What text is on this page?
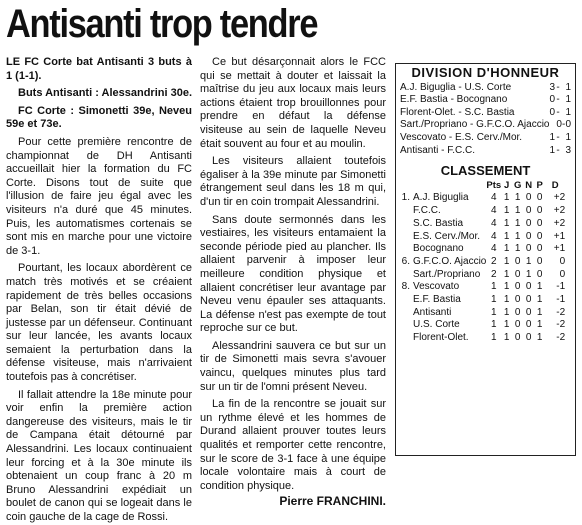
Antisanti trop tendre

LE FC Corte bat Antisanti 3 buts à 1 (1-1).

Buts Antisanti : Alessandrini 30e.

FC Corte : Simonetti 39e, Neveu 59e et 73e.

Pour cette première rencontre de championnat de DH Antisanti accueillait hier la formation du FC Corte. Disons tout de suite que l'illusion de faire jeu égal avec les visiteurs n'a duré que 45 minutes. Puis, les automatismes cortenais se sont mis en marche pour une victoire de 3-1.

Pourtant, les locaux abordèrent ce match très motivés et se créaient rapidement de très belles occasions par Belan, son tir était dévié de justesse par un défenseur. Continuant sur leur lancée, les avants locaux semaient la perturbation dans la défense visiteuse, mais n'arrivaient toutefois pas à concrétiser.

Il fallait attendre la 18e minute pour voir enfin la première action dangereuse des visiteurs, mais le tir de Campana était détourné par Alessandrini. Les locaux continuaient leur forcing et à la 30e minute ils obtenaient un coup franc à 20 m Bruno Alessandrini expédiait un boulet de canon qui se logeait dans le coin gauche de la cage de Rossi.

Ce but désarçonnait alors le FCC qui se mettait à douter et laissait la maîtrise du jeu aux locaux mais leurs actions étaient trop brouillonnes pour prendre en défaut la défense visiteuse au sein de laquelle Neveu était souvent au four et au moulin.

Les visiteurs allaient toutefois égaliser à la 39e minute par Simonetti étrangement seul dans les 18 m qui, d'un tir en coin trompait Alessandrini.

Sans doute sermonnés dans les vestiaires, les visiteurs entamaient la seconde période pied au plancher. Ils allaient parvenir à imposer leur meilleure condition physique et allaient concrétiser leur avantage par Neveu venu épauler ses attaquants. La défense n'est pas exempte de tout reproche sur ce but.

Alessandrini sauvera ce but sur un tir de Simonetti mais sevra s'avouer vaincu, quelques minutes plus tard sur un tir de l'omni présent Neveu.

La fin de la rencontre se jouait sur un rythme élevé et les hommes de Durand allaient prouver toutes leurs qualités et remporter cette rencontre, sur le score de 3-1 face à une équipe locale volontaire mais à court de condition physique.

Pierre FRANCHINI.

DIVISION D'HONNEUR
A.J. Biguglia - U.S. Corte	3 - 1
E.F. Bastia - Bocognano	0 - 1
Florent-Olet. - S.C. Bastia	0 - 1
Sart./Propriano - G.F.C.O. Ajaccio 0 - 0
Vescovato - E.S. Cerv./Mor.	1 - 1
Antisanti - F.C.C.	1 - 3
CLASSEMENT
		Pts	J	G	N	P	D
1.	A.J. Biguglia	4	1	1	0	0	+2
	F.C.C.	4	1	1	0	0	+2
	S.C. Bastia	4	1	1	0	0	+2
	E.S. Cerv./Mor.	4	1	1	0	0	+1
	Bocognano	4	1	1	0	0	+1
6.	G.F.C.O. Ajaccio	2	1	0	1	0	0
	Sart./Propriano	2	1	0	1	0	0
8.	Vescovato	1	1	0	0	1	-1
	E.F. Bastia	1	1	0	0	1	-1
	Antisanti	1	1	0	0	1	-2
	U.S. Corte	1	1	0	0	1	-2
	Florent-Olet.	1	1	0	0	1	-2
